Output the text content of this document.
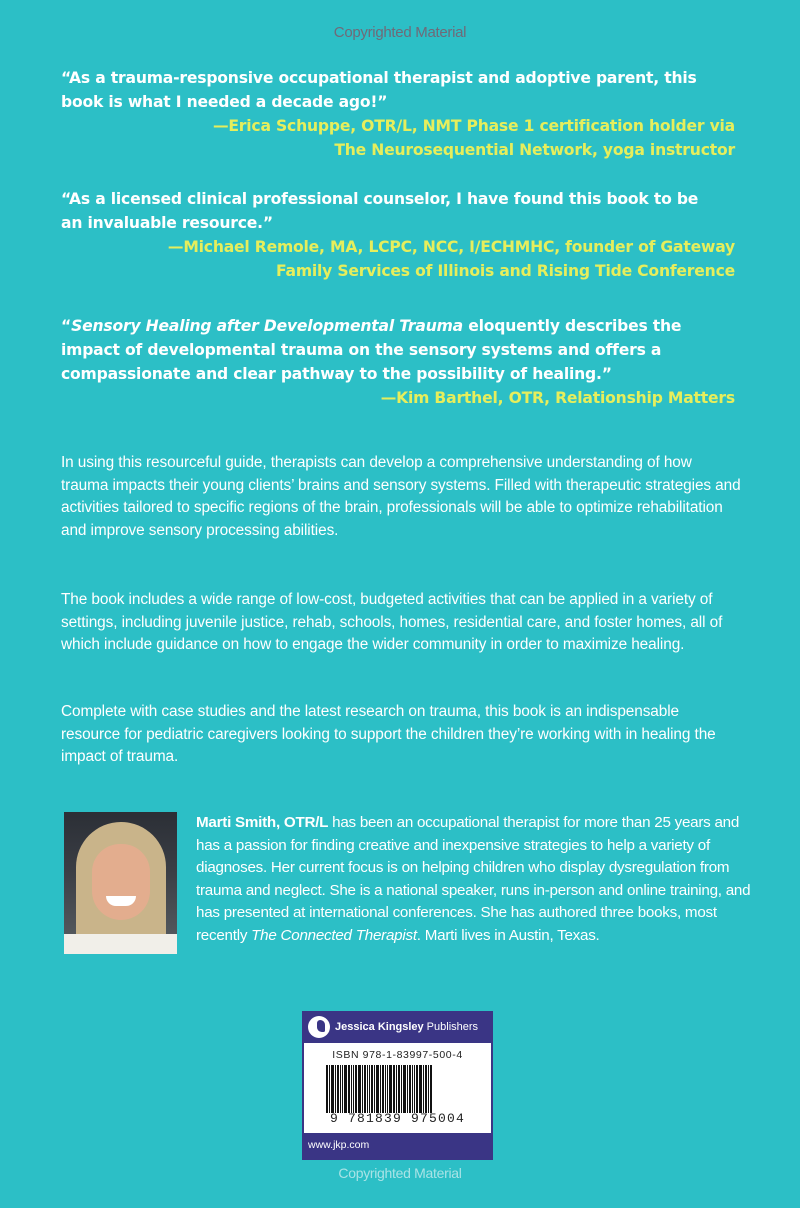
Copyrighted Material
“As a trauma-responsive occupational therapist and adoptive parent, this
book is what I needed a decade ago!”
—Erica Schuppe, OTR/L, NMT Phase 1 certification holder via
The Neurosequential Network, yoga instructor
“As a licensed clinical professional counselor, I have found this book to be
an invaluable resource.”
—Michael Remole, MA, LCPC, NCC, I/ECHMHC, founder of Gateway
Family Services of Illinois and Rising Tide Conference
“Sensory Healing after Developmental Trauma eloquently describes the
impact of developmental trauma on the sensory systems and offers a
compassionate and clear pathway to the possibility of healing.”
—Kim Barthel, OTR, Relationship Matters
In using this resourceful guide, therapists can develop a comprehensive understanding of how trauma impacts their young clients’ brains and sensory systems. Filled with therapeutic strategies and activities tailored to specific regions of the brain, professionals will be able to optimize rehabilitation and improve sensory processing abilities.
The book includes a wide range of low-cost, budgeted activities that can be applied in a variety of settings, including juvenile justice, rehab, schools, homes, residential care, and foster homes, all of which include guidance on how to engage the wider community in order to maximize healing.
Complete with case studies and the latest research on trauma, this book is an indispensable resource for pediatric caregivers looking to support the children they’re working with in healing the impact of trauma.
Marti Smith, OTR/L has been an occupational therapist for more than 25 years and has a passion for finding creative and inexpensive strategies to help a variety of diagnoses. Her current focus is on helping children who display dysregulation from trauma and neglect. She is a national speaker, runs in-person and online training, and has presented at international conferences. She has authored three books, most recently The Connected Therapist. Marti lives in Austin, Texas.
Jessica Kingsley Publishers
ISBN 978-1-83997-500-4
9 781839 975004
www.jkp.com
Copyrighted Material
